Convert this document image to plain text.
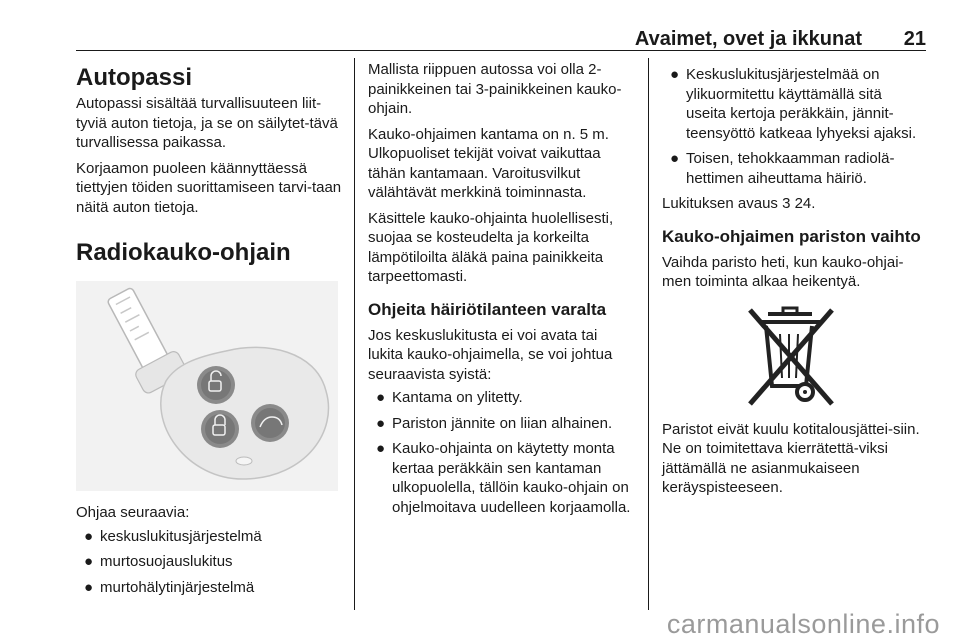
Avaimet, ovet ja ikkunat 21
Autopassi

Autopassi sisältää turvallisuuteen liit-tyviä auton tietoja, ja se on säilytet-tävä turvallisessa paikassa.

Korjaamon puoleen käännyttäessä tiettyjen töiden suorittamiseen tarvi-taan näitä auton tietoja.

Radiokauko-ohjain

Ohjaa seuraavia:

● keskuslukitusjärjestelmä
● murtosuojauslukitus
● murtohälytinjärjestelmä

Mallista riippuen autossa voi olla 2-painikkeinen tai 3-painikkeinen kauko-ohjain.

Kauko-ohjaimen kantama on n. 5 m. Ulkopuoliset tekijät voivat vaikuttaa tähän kantamaan. Varoitusvilkut välähtävät merkkinä toiminnasta.

Käsittele kauko-ohjainta huolellisesti, suojaa se kosteudelta ja korkeilta lämpötiloilta äläkä paina painikkeita tarpeettomasti.

Ohjeita häiriötilanteen varalta

Jos keskuslukitusta ei voi avata tai lukita kauko-ohjaimella, se voi johtua seuraavista syistä:

● Kantama on ylitetty.
● Pariston jännite on liian alhainen.
● Kauko-ohjainta on käytetty monta kertaa peräkkäin sen kantaman ulkopuolella, tällöin kauko-ohjain on ohjelmoitava uudelleen korjaamolla.
● Keskuslukitusjärjestelmää on ylikuormitettu käyttämällä sitä useita kertoja peräkkäin, jännit-teensyöttö katkeaa lyhyeksi ajaksi.
● Toisen, tehokkaamman radiolä-hettimen aiheuttama häiriö.

Lukituksen avaus 3 24.

Kauko-ohjaimen pariston vaihto

Vaihda paristo heti, kun kauko-ohjai-men toiminta alkaa heikentyä.

Paristot eivät kuulu kotitalousjättei-siin. Ne on toimitettava kierrätettä-viksi jättämällä ne asianmukaiseen keräyspisteeseen.

carmanualsonline.info
